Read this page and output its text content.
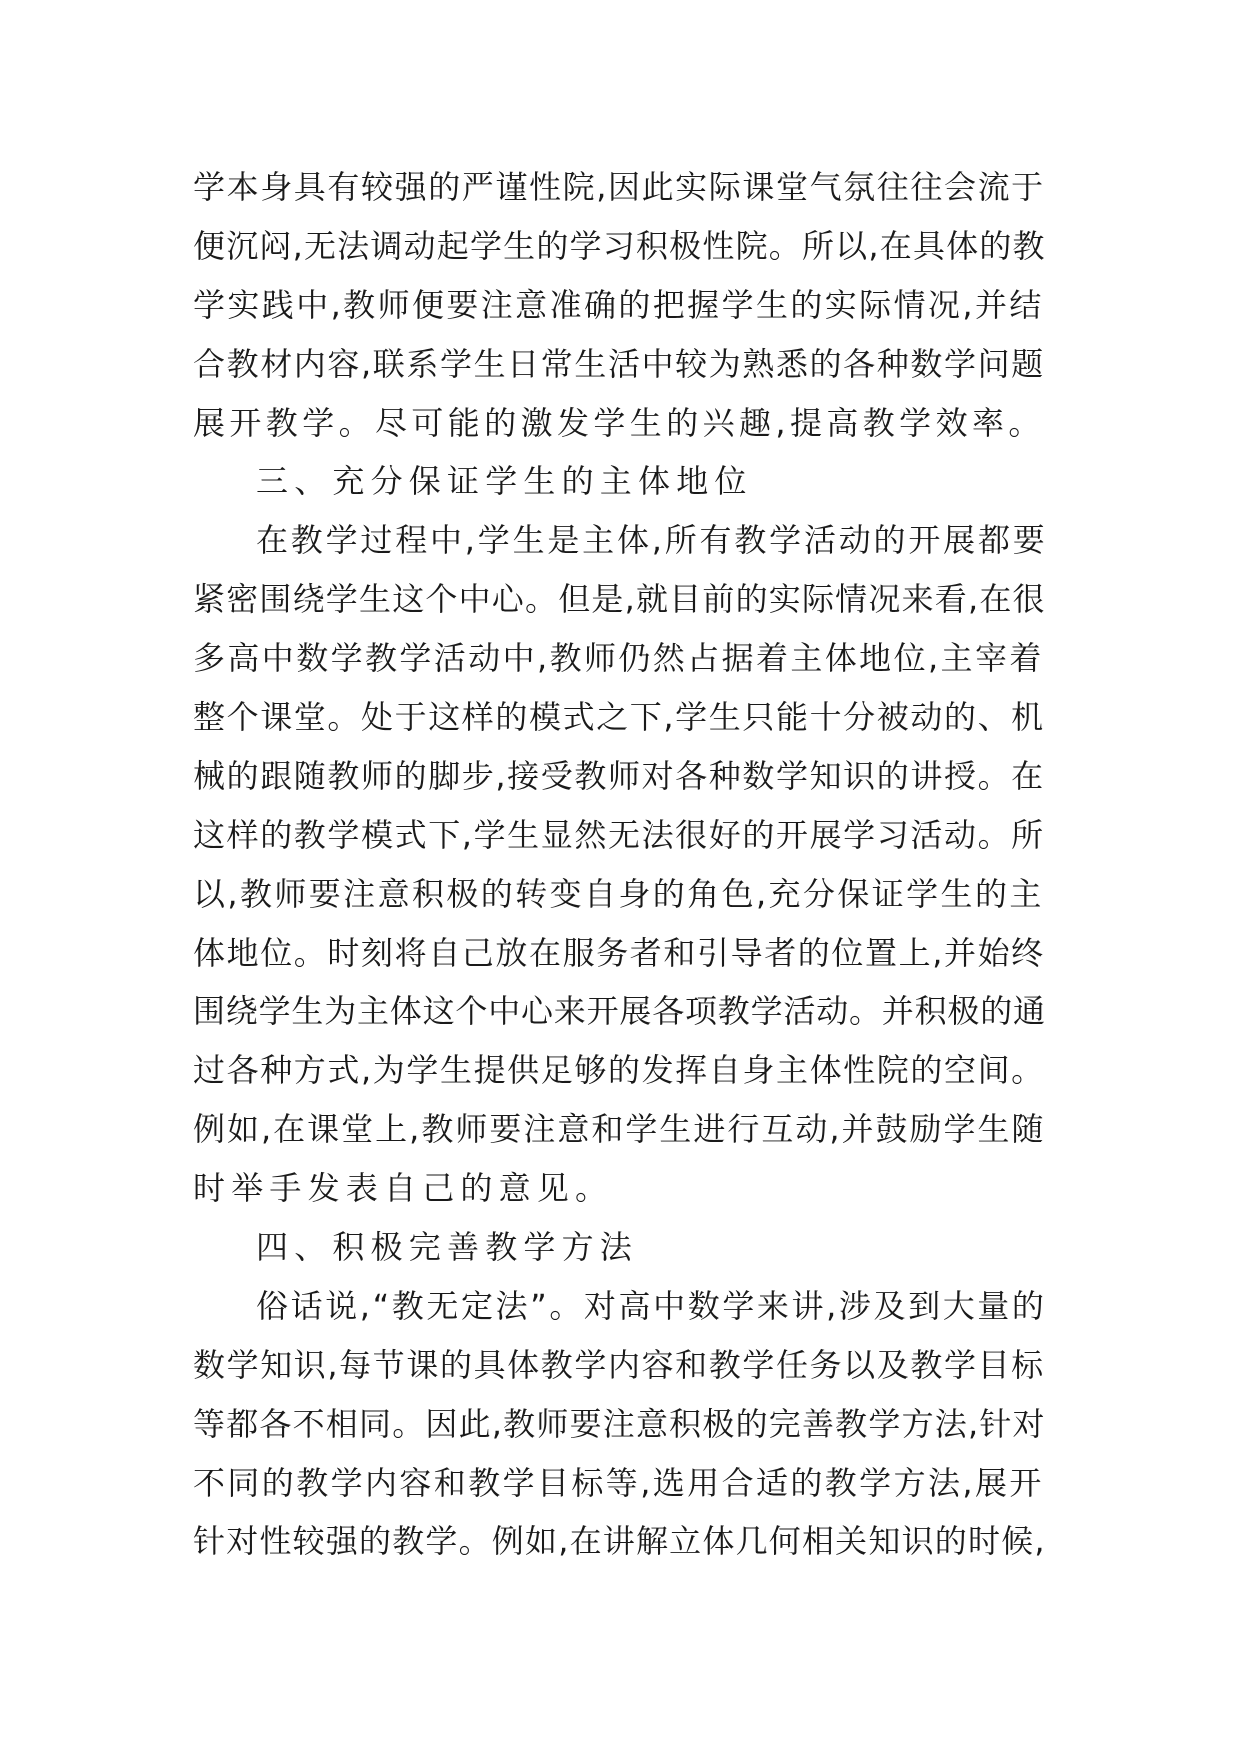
学本身具有较强的严谨性院,因此实际课堂气氛往往会流于
便沉闷,无法调动起学生的学习积极性院。所以,在具体的教
学实践中,教师便要注意准确的把握学生的实际情况,并结
合教材内容,联系学生日常生活中较为熟悉的各种数学问题
展开教学。尽可能的激发学生的兴趣,提高教学效率。
三、充分保证学生的主体地位
在教学过程中,学生是主体,所有教学活动的开展都要
紧密围绕学生这个中心。但是,就目前的实际情况来看,在很
多高中数学教学活动中,教师仍然占据着主体地位,主宰着
整个课堂。处于这样的模式之下,学生只能十分被动的、机
械的跟随教师的脚步,接受教师对各种数学知识的讲授。在
这样的教学模式下,学生显然无法很好的开展学习活动。所
以,教师要注意积极的转变自身的角色,充分保证学生的主
体地位。时刻将自己放在服务者和引导者的位置上,并始终
围绕学生为主体这个中心来开展各项教学活动。并积极的通
过各种方式,为学生提供足够的发挥自身主体性院的空间。
例如,在课堂上,教师要注意和学生进行互动,并鼓励学生随
时举手发表自己的意见。
四、积极完善教学方法
俗话说,“教无定法”。对高中数学来讲,涉及到大量的
数学知识,每节课的具体教学内容和教学任务以及教学目标
等都各不相同。因此,教师要注意积极的完善教学方法,针对
不同的教学内容和教学目标等,选用合适的教学方法,展开
针对性较强的教学。例如,在讲解立体几何相关知识的时候,
